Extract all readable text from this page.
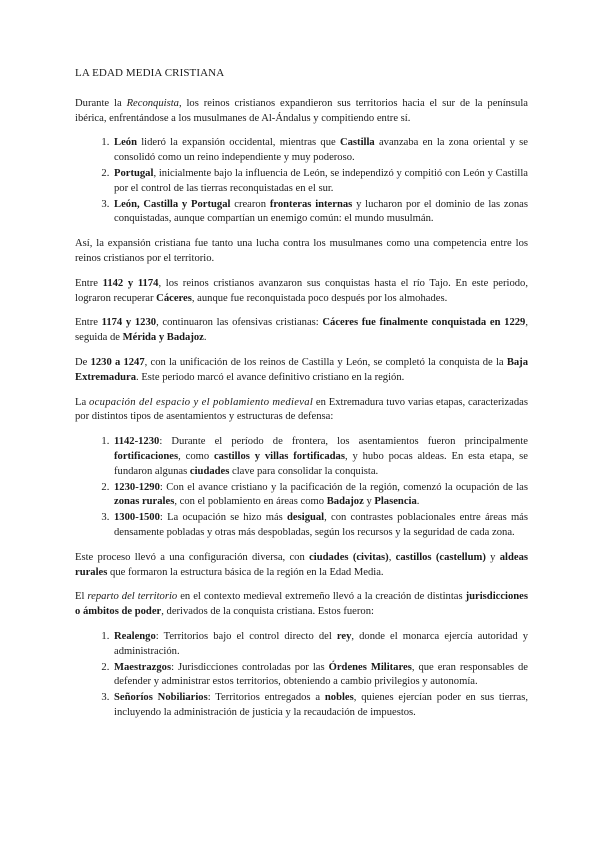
LA EDAD MEDIA CRISTIANA

Durante la Reconquista, los reinos cristianos expandieron sus territorios hacia el sur de la península ibérica, enfrentándose a los musulmanes de Al-Ándalus y compitiendo entre sí.

1. León lideró la expansión occidental, mientras que Castilla avanzaba en la zona oriental y se consolidó como un reino independiente y muy poderoso.
2. Portugal, inicialmente bajo la influencia de León, se independizó y compitió con León y Castilla por el control de las tierras reconquistadas en el sur.
3. León, Castilla y Portugal crearon fronteras internas y lucharon por el dominio de las zonas conquistadas, aunque compartían un enemigo común: el mundo musulmán.

Así, la expansión cristiana fue tanto una lucha contra los musulmanes como una competencia entre los reinos cristianos por el territorio.

Entre 1142 y 1174, los reinos cristianos avanzaron sus conquistas hasta el río Tajo. En este periodo, lograron recuperar Cáceres, aunque fue reconquistada poco después por los almohades.

Entre 1174 y 1230, continuaron las ofensivas cristianas: Cáceres fue finalmente conquistada en 1229, seguida de Mérida y Badajoz.

De 1230 a 1247, con la unificación de los reinos de Castilla y León, se completó la conquista de la Baja Extremadura. Este periodo marcó el avance definitivo cristiano en la región.

La ocupación del espacio y el poblamiento medieval en Extremadura tuvo varias etapas, caracterizadas por distintos tipos de asentamientos y estructuras de defensa:

1. 1142-1230: Durante el período de frontera, los asentamientos fueron principalmente fortificaciones, como castillos y villas fortificadas, y hubo pocas aldeas. En esta etapa, se fundaron algunas ciudades clave para consolidar la conquista.
2. 1230-1290: Con el avance cristiano y la pacificación de la región, comenzó la ocupación de las zonas rurales, con el poblamiento en áreas como Badajoz y Plasencia.
3. 1300-1500: La ocupación se hizo más desigual, con contrastes poblacionales entre áreas más densamente pobladas y otras más despobladas, según los recursos y la seguridad de cada zona.

Este proceso llevó a una configuración diversa, con ciudades (civitas), castillos (castellum) y aldeas rurales que formaron la estructura básica de la región en la Edad Media.

El reparto del territorio en el contexto medieval extremeño llevó a la creación de distintas jurisdicciones o ámbitos de poder, derivados de la conquista cristiana. Estos fueron:

1. Realengo: Territorios bajo el control directo del rey, donde el monarca ejercía autoridad y administración.
2. Maestrazgos: Jurisdicciones controladas por las Órdenes Militares, que eran responsables de defender y administrar estos territorios, obteniendo a cambio privilegios y autonomía.
3. Señoríos Nobiliarios: Territorios entregados a nobles, quienes ejercían poder en sus tierras, incluyendo la administración de justicia y la recaudación de impuestos.
